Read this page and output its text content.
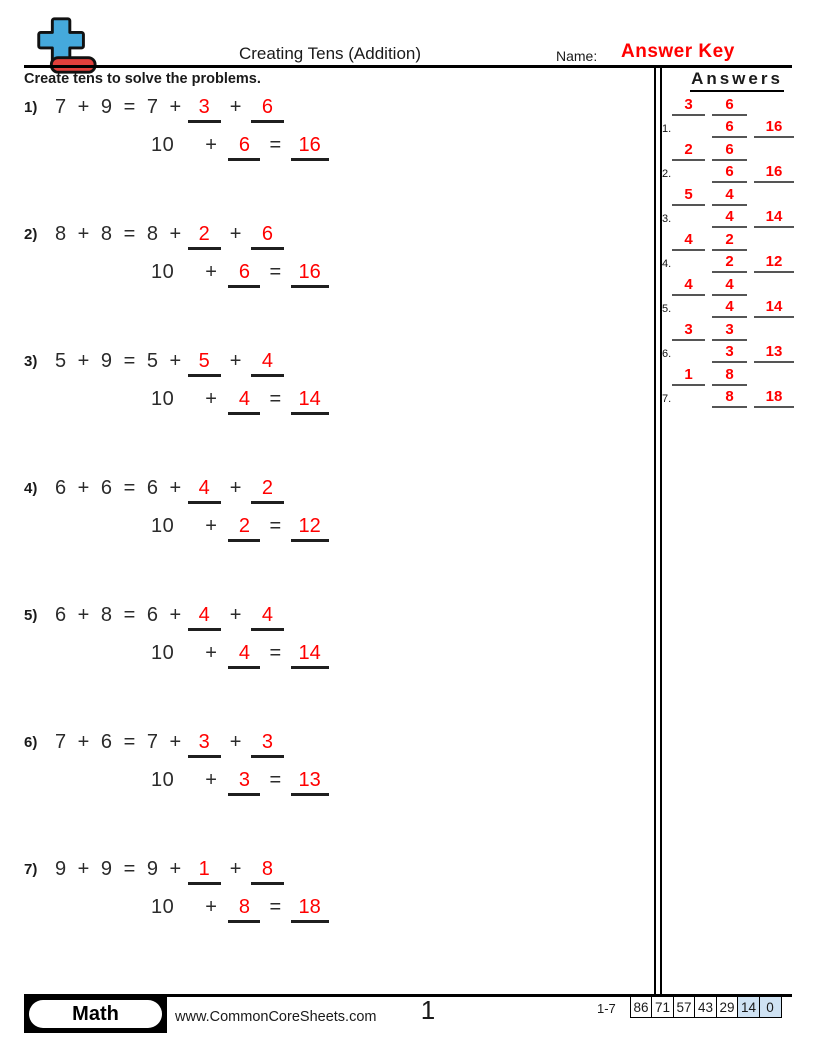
Creating Tens (Addition)	Name: Answer Key
Create tens to solve the problems.	Answers
3	6
1.	6	16
2	6
2.	6	16
5	4
3.	4	14
4	2
4.	2	12
4	4
5.	4	14
3	3
6.	3	13
1	8
7.	8	18
1) 7 + 9 = 7 + 3 + 6
10 +	6 = 16
2) 8 + 8 = 8 + 2 + 6
10 +	6 = 16
3) 5 + 9 = 5 + 5 + 4
10 +	4 = 14
4) 6 + 6 = 6 + 4 + 2
10 +	2 = 12
5) 6 + 8 = 6 + 4 + 4
10 +	4 = 14
6) 7 + 6 = 7 + 3 + 3
10 +	3 = 13
7) 9 + 9 = 9 + 1 + 8
10 +	8 = 18
Math	www.CommonCoreSheets.com	1	1-7 86 71 57 43 29 14 0
